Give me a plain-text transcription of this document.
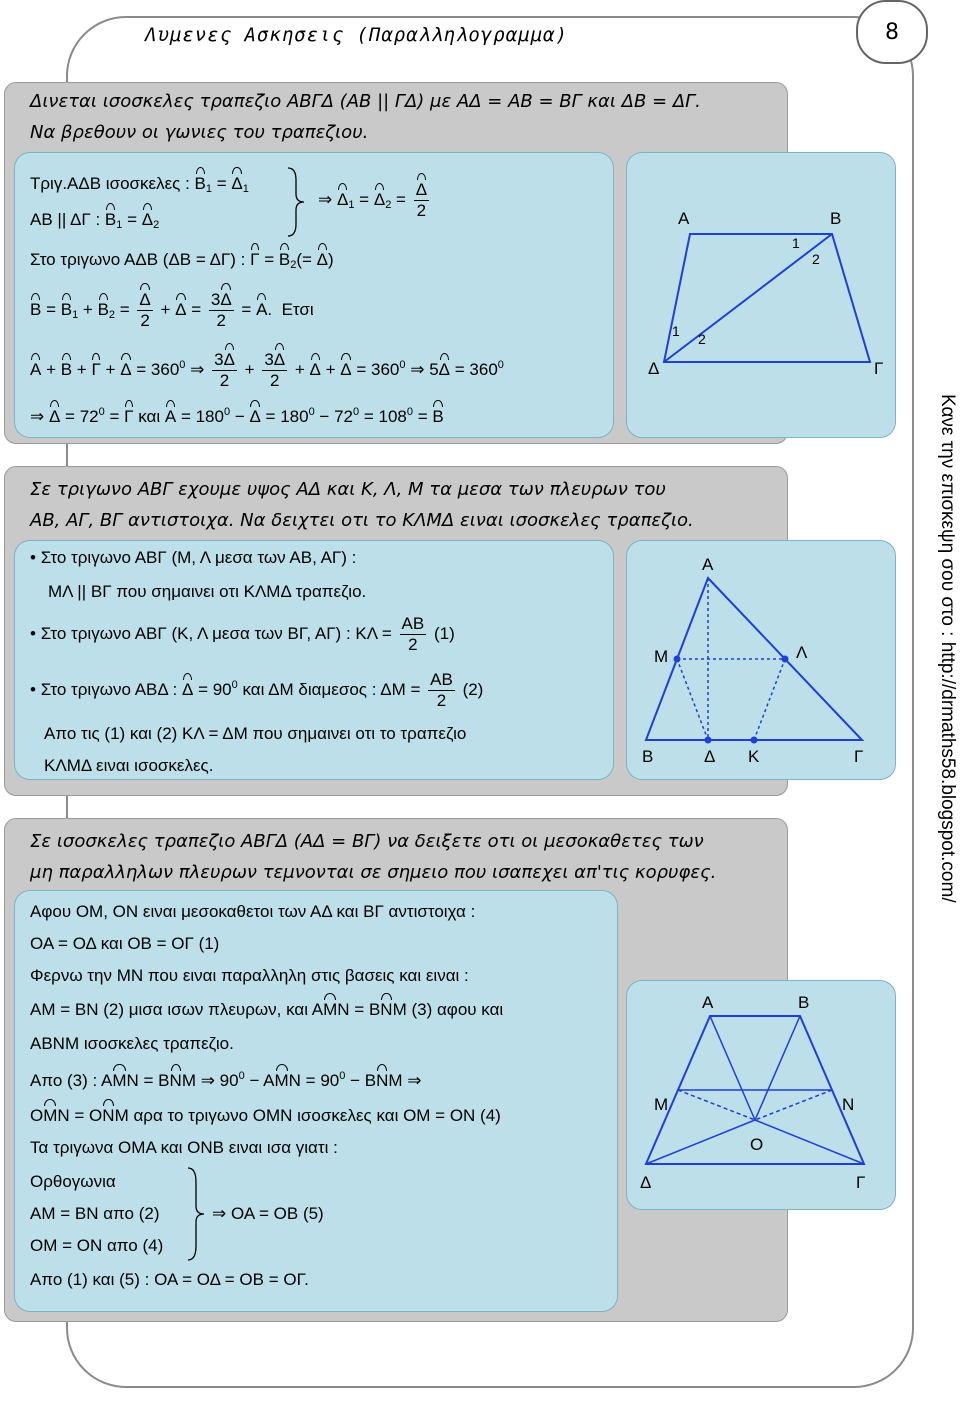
Λυμενες Ασκησεις (Παραλληλογραμμα)	8
Κανε την επισκεψη σου στο : http://drmaths58.blogspot.com/
Δινεται ισοσκελες τραπεζιο ΑΒΓΔ (ΑΒ || ΓΔ) με ΑΔ = ΑΒ = ΒΓ και ΔΒ = ΔΓ.
Να βρεθουν οι γωνιες του τραπεζιου.
Τριγ.ΑΔΒ ισοσκελες : $B_1 = \Delta_1$
ΑΒ || ΔΓ : $B_1 = \Delta_2$
⇒ $\Delta_1 = \Delta_2 = \frac{\Delta}{2}$
Στο τριγωνο ΑΔΒ (ΔΒ = ΔΓ) : $\Gamma = B_2(= \Delta)$
$B = B_1 + B_2 = \frac{\Delta}{2} + \Delta = \frac{3\Delta}{2} = A$.  Ετσι
$A + B + \Gamma + \Delta = 360^0$ ⇒ $\frac{3\Delta}{2} + \frac{3\Delta}{2} + \Delta + \Delta = 360^0$ ⇒ $5\Delta = 360^0$
⇒ $\Delta = 72^0 = \Gamma$ και $A = 180^0 - \Delta = 180^0 - 72^0 = 108^0 = B$
Α	Β
Γ
Δ
1
2
1 2
Σε τριγωνο ΑΒΓ εχουμε υψος ΑΔ και Κ, Λ, Μ τα μεσα των πλευρων του
ΑΒ, ΑΓ, ΒΓ αντιστοιχα. Να δειχτει οτι το ΚΛΜΔ ειναι ισοσκελες τραπεζιο.
• Στο τριγωνο ΑΒΓ (Μ, Λ μεσα των ΑΒ, ΑΓ) :
ΜΛ || ΒΓ που σημαινει οτι ΚΛΜΔ τραπεζιο.
• Στο τριγωνο ΑΒΓ (Κ, Λ μεσα των ΒΓ, ΑΓ) : $K\Lambda = \frac{AB}{2} (1)$
• Στο τριγωνο ΑΒΔ : $\Delta = 90^0$ και ΔΜ διαμεσος : $\Delta M = \frac{AB}{2} (2)$
Απο τις (1) και (2) ΚΛ = ΔΜ που σημαινει οτι το τραπεζιο
ΚΛΜΔ ειναι ισοσκελες.
Α
Μ	Λ
Β	Δ Κ	Γ
Σε ισοσκελες τραπεζιο ΑΒΓΔ (ΑΔ = ΒΓ) να δειξετε οτι οι μεσοκαθετες των
μη παραλληλων πλευρων τεμνονται σε σημειο που ισαπεχει απ'τις κορυφες.
Αφου ΟΜ, ΟΝ ειναι μεσοκαθετοι των ΑΔ και ΒΓ αντιστοιχα :
ΟΑ = ΟΔ και ΟΒ = ΟΓ (1)
Φερνω την ΜΝ που ειναι παραλληλη στις βασεις και ειναι :
ΑΜ = ΒΝ (2) μισα ισων πλευρων, και ΑΜΝ = ΒΝΜ (3) αφου και
ΑΒΝΜ ισοσκελες τραπεζιο.
Απο (3) : ΑΜΝ = ΒΝΜ ⇒ $90^0 - AMN = 90^0 - BNM$ ⇒
ΟΜΝ = ΟΝΜ αρα το τριγωνο ΟΜΝ ισοσκελες και ΟΜ = ΟΝ (4)
Τα τριγωνα ΟΜΑ και ΟΝΒ ειναι ισα γιατι :
Ορθογωνια
ΑΜ = ΒΝ απο (2)
ΟΜ = ΟΝ απο (4)
⇒ ΟΑ = ΟΒ (5)
Απο (1) και (5) : ΟΑ = ΟΔ = ΟΒ = ΟΓ.
Α	Β
Μ	Ν
Ο
Δ	Γ
